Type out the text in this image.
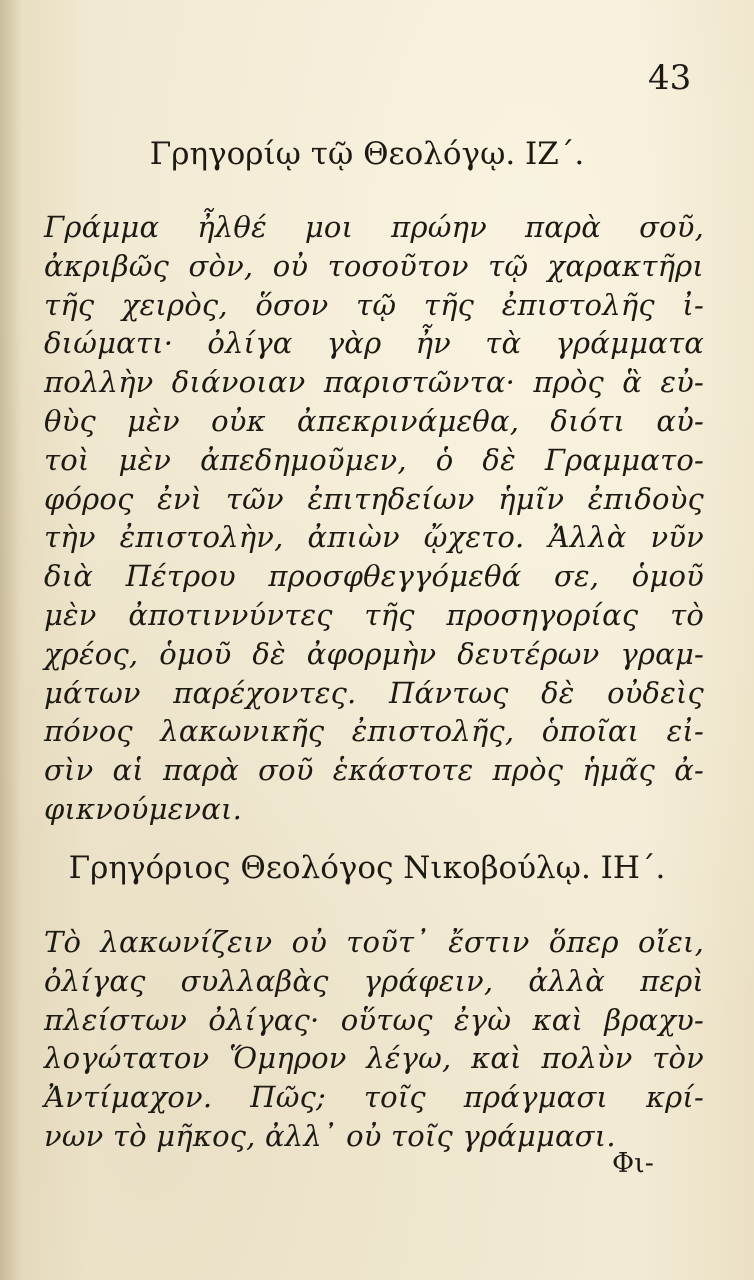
43
Γρηγορίῳ τῷ Θεολόγῳ. ΙΖ΄.
Γράμμα ἦλθέ μοι πρώην παρὰ σοῦ,
ἀκριβῶς σὸν, οὐ τοσοῦτον τῷ χαρακτῆρι
τῆς χειρὸς, ὅσον τῷ τῆς ἐπιστολῆς ἰ-
διώματι· ὀλίγα γὰρ ἦν τὰ γράμματα
πολλὴν διάνοιαν παριστῶντα· πρὸς ἃ εὐ-
θὺς μὲν οὐκ ἀπεκρινάμεθα, διότι αὐ-
τοὶ μὲν ἀπεδημοῦμεν, ὁ δὲ Γραμματο-
φόρος ἐνὶ τῶν ἐπιτηδείων ἡμῖν ἐπιδοὺς
τὴν ἐπιστολὴν, ἀπιὼν ᾤχετο. Ἀλλὰ νῦν
διὰ Πέτρου προσφθεγγόμεθά σε, ὁμοῦ
μὲν ἀποτιννύντες τῆς προσηγορίας τὸ
χρέος, ὁμοῦ δὲ ἀφορμὴν δευτέρων γραμ-
μάτων παρέχοντες. Πάντως δὲ οὐδεὶς
πόνος λακωνικῆς ἐπιστολῆς, ὁποῖαι εἰ-
σὶν αἱ παρὰ σοῦ ἑκάστοτε πρὸς ἡμᾶς ἀ-
φικνούμεναι.
Γρηγόριος Θεολόγος Νικοβούλῳ. ΙΗ΄.
Τὸ λακωνίζειν οὐ τοῦτ᾽ ἔστιν ὅπερ οἴει,
ὀλίγας συλλαβὰς γράφειν, ἀλλὰ περὶ
πλείστων ὀλίγας· οὕτως ἐγὼ καὶ βραχυ-
λογώτατον Ὅμηρον λέγω, καὶ πολὺν τὸν
Ἀντίμαχον. Πῶς; τοῖς πράγμασι κρί-
νων τὸ μῆκος, ἀλλ᾽ οὐ τοῖς γράμμασι.
Φι-
